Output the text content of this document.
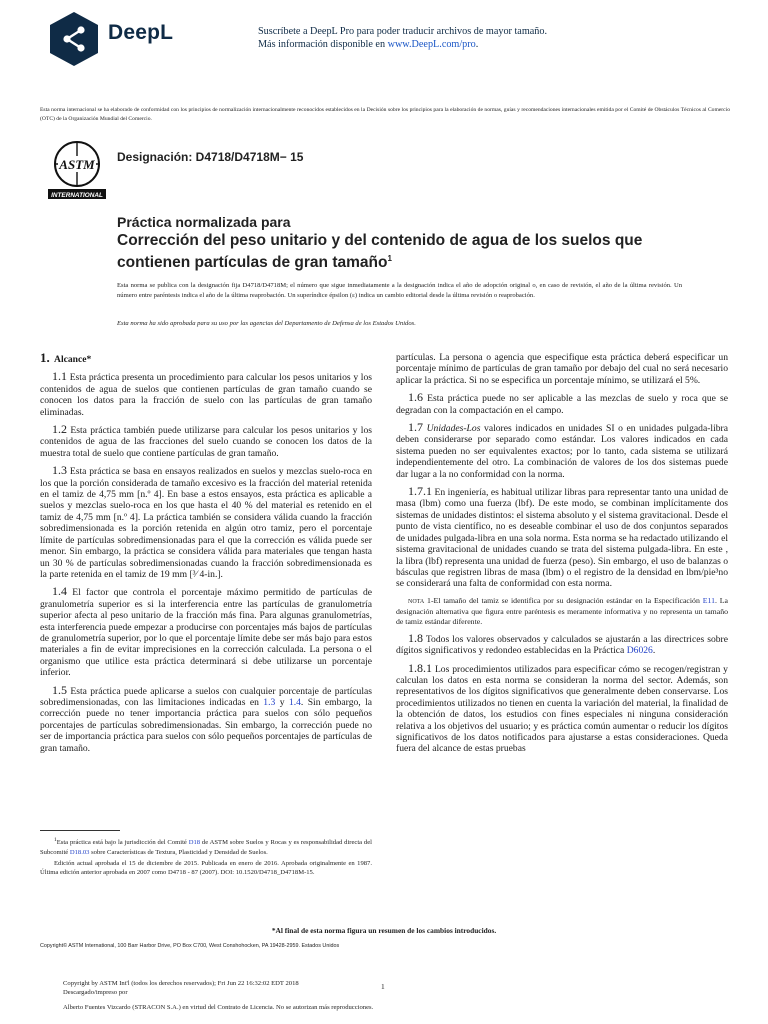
DeepL	Suscríbete a DeepL Pro para poder traducir archivos de mayor tamaño.
Más información disponible en www.DeepL.com/pro.
Esta norma internacional se ha elaborado de conformidad con los principios de normalización internacionalmente reconocidos establecidos en la Decisión sobre los principios para la elaboración de normas, guías y recomendaciones internacionales emitida por el Comité de Obstáculos Técnicos al Comercio (OTC) de la Organización Mundial del Comercio.
ASTM
INTERNATIONAL
Designación: D4718/D4718M− 15
Práctica normalizada para
Corrección del peso unitario y del contenido de agua de los suelos que contienen partículas de gran tamaño$^1$
Esta norma se publica con la designación fija D4718/D4718M; el número que sigue inmediatamente a la designación indica el año de adopción original o, en caso de revisión, el año de la última revisión. Un número entre paréntesis indica el año de la última reaprobación. Un superíndice épsilon (ε) indica un cambio editorial desde la última revisión o reaprobación.
Esta norma ha sido aprobada para su uso por las agencias del Departamento de Defensa de los Estados Unidos.

1. Alcance*

1.1 Esta práctica presenta un procedimiento para calcular los pesos unitarios y los contenidos de agua de suelos que contienen partículas de gran tamaño cuando se conocen los datos para la fracción de suelo con las partículas de gran tamaño eliminadas.

1.2 Esta práctica también puede utilizarse para calcular los pesos unitarios y los contenidos de agua de las fracciones del suelo cuando se conocen los datos de la muestra total de suelo que contiene partículas de gran tamaño.

1.3 Esta práctica se basa en ensayos realizados en suelos y mezclas suelo-roca en los que la porción considerada de tamaño excesivo es la fracción del material retenida en el tamiz de 4,75 mm [n.º 4]. En base a estos ensayos, esta práctica es aplicable a suelos y mezclas suelo-roca en los que hasta el 40 % del material es retenido en el tamiz de 4,75 mm [n.º 4]. La práctica también se considera válida cuando la fracción sobredimensionada es la porción retenida en algún otro tamiz, pero el porcentaje límite de partículas sobredimensionadas para el que la corrección es válida puede ser menor. Sin embargo, la práctica se considera válida para materiales que tengan hasta un 30 % de partículas sobredimensionadas cuando la fracción sobredimensionada es la parte retenida en el tamiz de 19 mm [³⁄ 4-in.].

1.4 El factor que controla el porcentaje máximo permitido de partículas de granulometría superior es si la interferencia entre las partículas de granulometría superior afecta al peso unitario de la fracción más fina. Para algunas granulometrías, esta interferencia puede empezar a producirse con porcentajes más bajos de partículas de granulometría superior, por lo que el porcentaje límite debe ser más bajo para estos materiales a fin de evitar imprecisiones en la corrección calculada. La persona o el organismo que utilice esta práctica determinará si debe utilizarse un porcentaje inferior.

1.5 Esta práctica puede aplicarse a suelos con cualquier porcentaje de partículas sobredimensionadas, con las limitaciones indicadas en 1.3 y 1.4. Sin embargo, la corrección puede no tener importancia práctica para suelos con sólo pequeños porcentajes de partículas sobredimensionadas. Sin embargo, la corrección puede no ser de importancia práctica para suelos con sólo pequeños porcentajes de partículas de gran tamaño.

partículas. La persona o agencia que especifique esta práctica deberá especificar un porcentaje mínimo de partículas de gran tamaño por debajo del cual no será necesario aplicar la práctica. Si no se especifica un porcentaje mínimo, se utilizará el 5%.

1.6 Esta práctica puede no ser aplicable a las mezclas de suelo y roca que se degradan con la compactación en el campo.

1.7 Unidades-Los valores indicados en unidades SI o en unidades pulgada-libra deben considerarse por separado como estándar. Los valores indicados en cada sistema pueden no ser equivalentes exactos; por lo tanto, cada sistema se utilizará independientemente del otro. La combinación de valores de los dos sistemas puede dar lugar a la no conformidad con la norma.

1.7.1 En ingeniería, es habitual utilizar libras para representar tanto una unidad de masa (lbm) como una fuerza (lbf). De este modo, se combinan implícitamente dos sistemas de unidades distintos: el sistema absoluto y el sistema gravitacional. Desde el punto de vista científico, no es deseable combinar el uso de dos conjuntos separados de unidades pulgada-libra en una sola norma. Esta norma se ha redactado utilizando el sistema gravitacional de unidades cuando se trata del sistema pulgada-libra. En este , la libra (lbf) representa una unidad de fuerza (peso). Sin embargo, el uso de balanzas o básculas que registren libras de masa (lbm) o el registro de la densidad en lbm/pie³no se considerará una falta de conformidad con esta norma.

NOTA 1-El tamaño del tamiz se identifica por su designación estándar en la Especificación E11. La designación alternativa que figura entre paréntesis es meramente informativa y no representa un tamaño de tamiz estándar diferente.

1.8 Todos los valores observados y calculados se ajustarán a las directrices sobre dígitos significativos y redondeo establecidas en la Práctica D6026.

1.8.1 Los procedimientos utilizados para especificar cómo se recogen/registran y calculan los datos en esta norma se consideran la norma del sector. Además, son representativos de los dígitos significativos que generalmente deben conservarse. Los procedimientos utilizados no tienen en cuenta la variación del material, la finalidad de la obtención de datos, los estudios con fines especiales ni ninguna consideración relativa a los objetivos del usuario; y es práctica común aumentar o reducir los dígitos significativos de los datos notificados para ajustarse a estas consideraciones. Queda fuera del alcance de estas pruebas

$^1$Esta práctica está bajo la jurisdicción del Comité D18 de ASTM sobre Suelos y Rocas y es responsabilidad directa del Subcomité D18.03 sobre Características de Textura, Plasticidad y Densidad de Suelos.

Edición actual aprobada el 15 de diciembre de 2015. Publicada en enero de 2016. Aprobada originalmente en 1987. Última edición anterior aprobada en 2007 como D4718 - 87 (2007). DOI: 10.1520/D4718_D4718M-15.

*Al final de esta norma figura un resumen de los cambios introducidos.
Copyright© ASTM International, 100 Barr Harbor Drive, PO Box C700, West Conshohocken, PA 19428-2959. Estados Unidos
Copyright by ASTM Int'l (todos los derechos reservados); Fri Jun 22 16:32:02 EDT 2018
Descargado/impreso por
1
Alberto Fuentes Vizcardo (STRACON S.A.) en virtud del Contrato de Licencia. No se autorizan más reproducciones.
